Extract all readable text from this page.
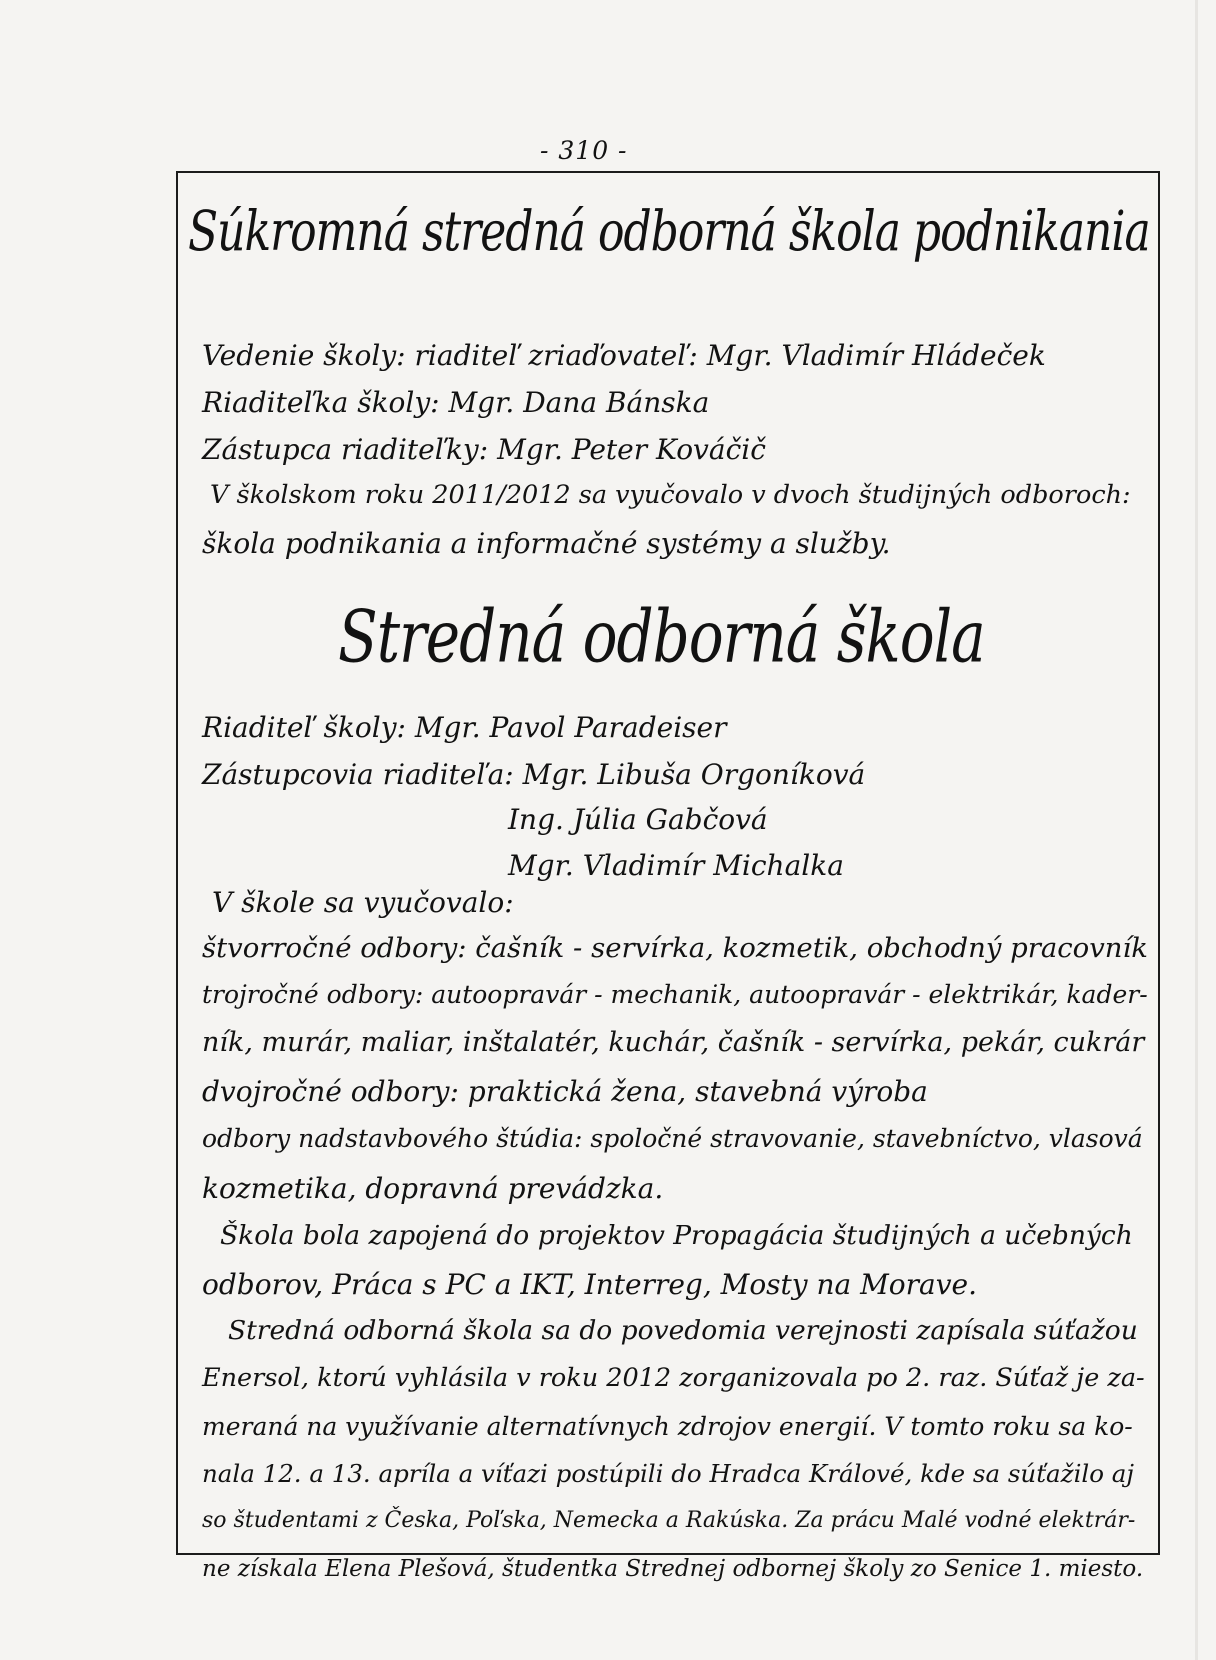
- 310 -
Súkromná stredná odborná škola podnikania
Vedenie školy: riaditeľ zriaďovateľ: Mgr. Vladimír Hládeček
Riaditeľka školy: Mgr. Dana Bánska
Zástupca riaditeľky: Mgr. Peter Kováčič
V školskom roku 2011/2012 sa vyučovalo v dvoch študijných odboroch:
škola podnikania a informačné systémy a služby.
Stredná odborná škola
Riaditeľ školy: Mgr. Pavol Paradeiser
Zástupcovia riaditeľa: Mgr. Libuša Orgoníková
Ing. Júlia Gabčová
Mgr. Vladimír Michalka
V škole sa vyučovalo:
štvorročné odbory: čašník - servírka, kozmetik, obchodný pracovník
trojročné odbory: autoopravár - mechanik, autoopravár - elektrikár, kader-
ník, murár, maliar, inštalatér, kuchár, čašník - servírka, pekár, cukrár
dvojročné odbory: praktická žena, stavebná výroba
odbory nadstavbového štúdia: spoločné stravovanie, stavebníctvo, vlasová
kozmetika, dopravná prevádzka.
Škola bola zapojená do projektov Propagácia študijných a učebných
odborov, Práca s PC a IKT, Interreg, Mosty na Morave.
Stredná odborná škola sa do povedomia verejnosti zapísala súťažou
Enersol, ktorú vyhlásila v roku 2012 zorganizovala po 2. raz. Súťaž je za-
meraná na využívanie alternatívnych zdrojov energií. V tomto roku sa ko-
nala 12. a 13. apríla a víťazi postúpili do Hradca Králové, kde sa súťažilo aj
so študentami z Česka, Poľska, Nemecka a Rakúska. Za prácu Malé vodné elektrár-
ne získala Elena Plešová, študentka Strednej odbornej školy zo Senice 1. miesto.
